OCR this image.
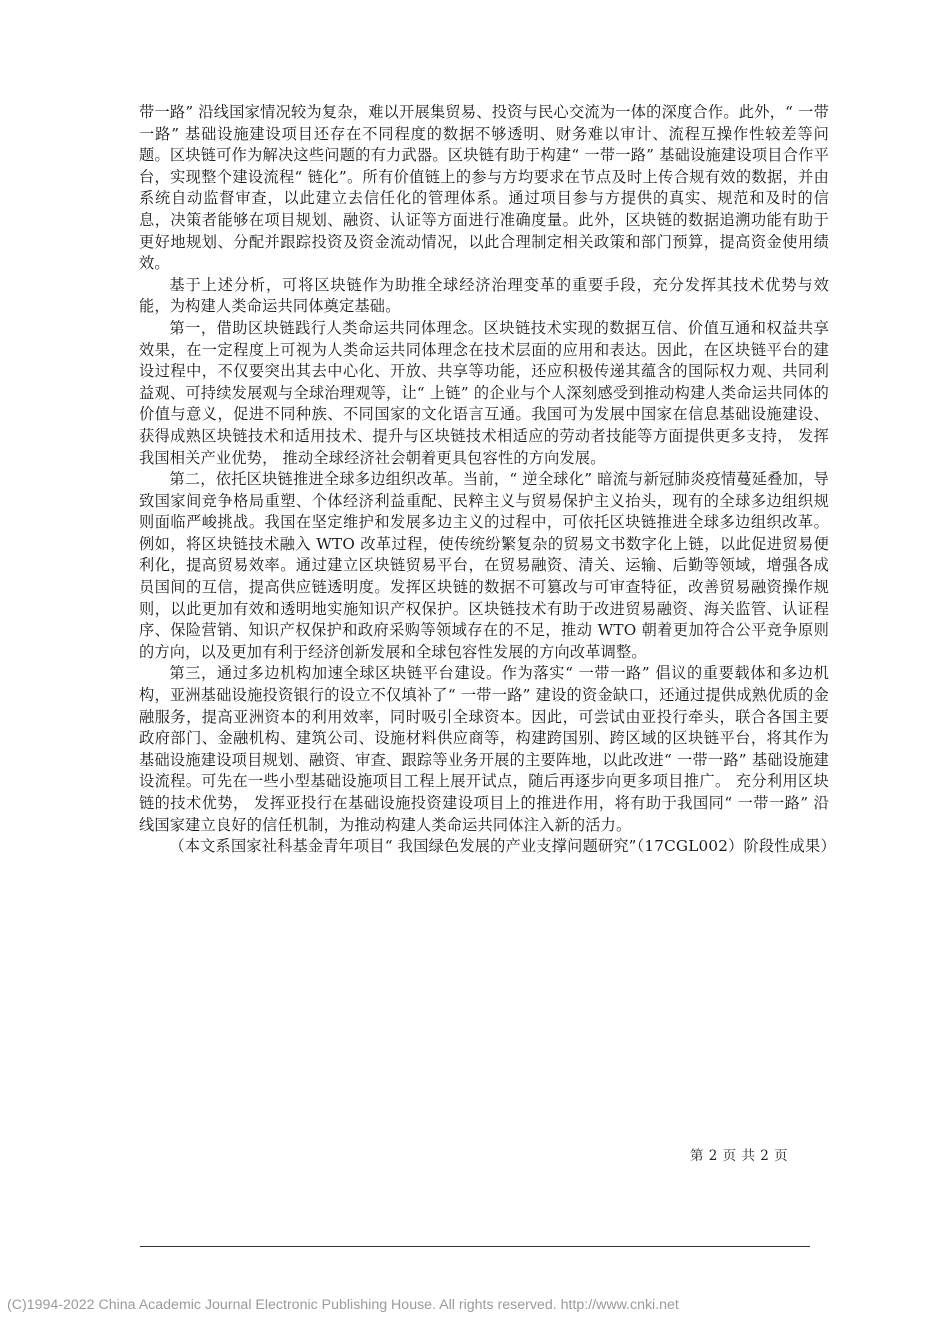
带一路” 沿线国家情况较为复杂，难以开展集贸易、投资与民心交流为一体的深度合作。此外，“ 一带一路” 基础设施建设项目还存在不同程度的数据不够透明、财务难以审计、流程互操作性较差等问题。区块链可作为解决这些问题的有力武器。区块链有助于构建“ 一带一路” 基础设施建设项目合作平台，实现整个建设流程“ 链化”。所有价值链上的参与方均要求在节点及时上传合规有效的数据，并由系统自动监督审查，以此建立去信任化的管理体系。通过项目参与方提供的真实、规范和及时的信息，决策者能够在项目规划、融资、认证等方面进行准确度量。此外，区块链的数据追溯功能有助于更好地规划、分配并跟踪投资及资金流动情况，以此合理制定相关政策和部门预算，提高资金使用绩效。

基于上述分析，可将区块链作为助推全球经济治理变革的重要手段，充分发挥其技术优势与效能，为构建人类命运共同体奠定基础。

第一，借助区块链践行人类命运共同体理念。区块链技术实现的数据互信、价值互通和权益共享效果，在一定程度上可视为人类命运共同体理念在技术层面的应用和表达。因此，在区块链平台的建设过程中，不仅要突出其去中心化、开放、共享等功能，还应积极传递其蕴含的国际权力观、共同利益观、可持续发展观与全球治理观等，让“ 上链” 的企业与个人深刻感受到推动构建人类命运共同体的价值与意义，促进不同种族、不同国家的文化语言互通。我国可为发展中国家在信息基础设施建设、获得成熟区块链技术和适用技术、提升与区块链技术相适应的劳动者技能等方面提供更多支持， 发挥我国相关产业优势， 推动全球经济社会朝着更具包容性的方向发展。

第二，依托区块链推进全球多边组织改革。当前，“ 逆全球化” 暗流与新冠肺炎疫情蔓延叠加，导致国家间竞争格局重塑、个体经济利益重配、民粹主义与贸易保护主义抬头，现有的全球多边组织规则面临严峻挑战。我国在坚定维护和发展多边主义的过程中，可依托区块链推进全球多边组织改革。例如，将区块链技术融入 WTO 改革过程，使传统纷繁复杂的贸易文书数字化上链，以此促进贸易便利化，提高贸易效率。通过建立区块链贸易平台，在贸易融资、清关、运输、后勤等领域，增强各成员国间的互信，提高供应链透明度。发挥区块链的数据不可篡改与可审查特征，改善贸易融资操作规则，以此更加有效和透明地实施知识产权保护。区块链技术有助于改进贸易融资、海关监管、认证程序、保险营销、知识产权保护和政府采购等领域存在的不足，推动 WTO 朝着更加符合公平竞争原则的方向，以及更加有利于经济创新发展和全球包容性发展的方向改革调整。

第三，通过多边机构加速全球区块链平台建设。作为落实“ 一带一路” 倡议的重要载体和多边机构，亚洲基础设施投资银行的设立不仅填补了“ 一带一路” 建设的资金缺口，还通过提供成熟优质的金融服务，提高亚洲资本的利用效率，同时吸引全球资本。因此，可尝试由亚投行牵头，联合各国主要政府部门、金融机构、建筑公司、设施材料供应商等，构建跨国别、跨区域的区块链平台，将其作为基础设施建设项目规划、融资、审查、跟踪等业务开展的主要阵地，以此改进“ 一带一路” 基础设施建设流程。可先在一些小型基础设施项目工程上展开试点，随后再逐步向更多项目推广。 充分利用区块链的技术优势， 发挥亚投行在基础设施投资建设项目上的推进作用，将有助于我国同“ 一带一路” 沿线国家建立良好的信任机制，为推动构建人类命运共同体注入新的活力。

（本文系国家社科基金青年项目“ 我国绿色发展的产业支撑问题研究”（17CGL002）阶段性成果）

第 2 页 共 2 页
(C)1994-2022 China Academic Journal Electronic Publishing House. All rights reserved. http://www.cnki.net
